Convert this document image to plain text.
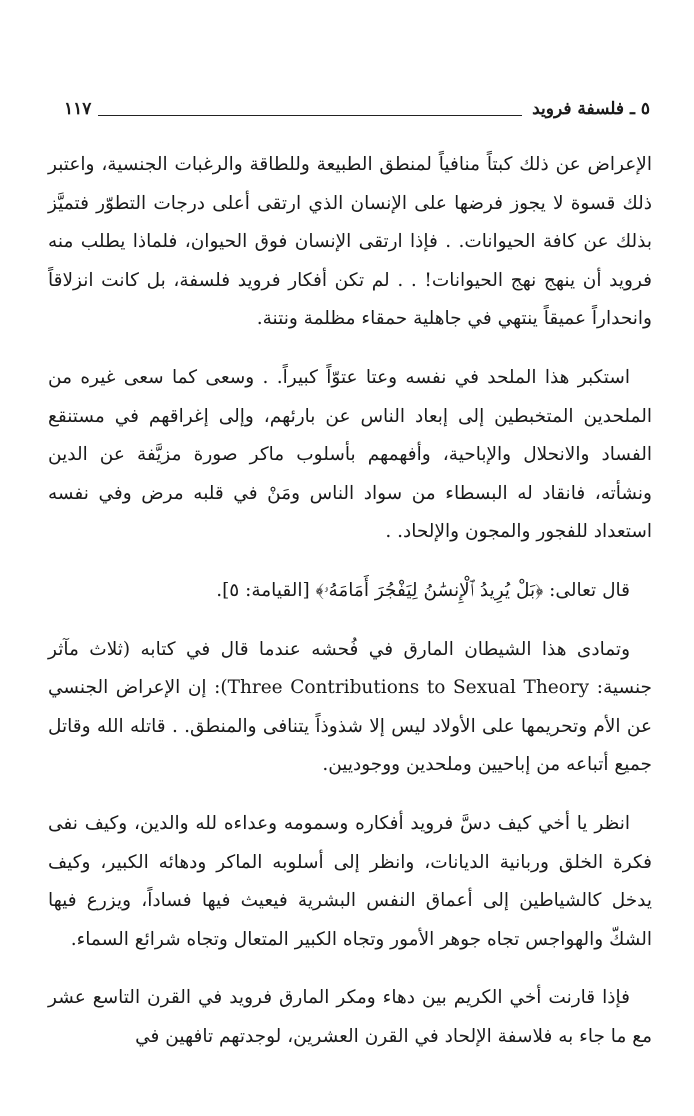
٥ ـ فلسفة فرويد
١١٧

الإعراض عن ذلك كبتاً منافياً لمنطق الطبيعة وللطاقة والرغبات الجنسية، واعتبر ذلك قسوة لا يجوز فرضها على الإنسان الذي ارتقى أعلى درجات التطوّر فتميَّز بذلك عن كافة الحيوانات. . فإذا ارتقى الإنسان فوق الحيوان، فلماذا يطلب منه فرويد أن ينهج نهج الحيوانات! . . لم تكن أفكار فرويد فلسفة، بل كانت انزلاقاً وانحداراً عميقاً ينتهي في جاهلية حمقاء مظلمة ونتنة.

استكبر هذا الملحد في نفسه وعتا عتوّاً كبيراً. . وسعى كما سعى غيره من الملحدين المتخبطين إلى إبعاد الناس عن بارئهم، وإلى إغراقهم في مستنقع الفساد والانحلال والإباحية، وأفهمهم بأسلوب ماكر صورة مزيَّفة عن الدين ونشأته، فانقاد له البسطاء من سواد الناس ومَنْ في قلبه مرض وفي نفسه استعداد للفجور والمجون والإلحاد. .

قال تعالى: ﴿بَلْ يُرِيدُ ٱلْإِنسَٰنُ لِيَفْجُرَ أَمَامَهُۥ﴾ [القيامة: ٥].

وتمادى هذا الشيطان المارق في فُحشه عندما قال في كتابه (ثلاث مآثر جنسية: Three Contributions to Sexual Theory): إن الإعراض الجنسي عن الأم وتحريمها على الأولاد ليس إلا شذوذاً يتنافى والمنطق. . قاتله الله وقاتل جميع أتباعه من إباحيين وملحدين ووجوديين.

انظر يا أخي كيف دسَّ فرويد أفكاره وسمومه وعداءه لله والدين، وكيف نفى فكرة الخلق وربانية الديانات، وانظر إلى أسلوبه الماكر ودهائه الكبير، وكيف يدخل كالشياطين إلى أعماق النفس البشرية فيعيث فيها فساداً، ويزرع فيها الشكّ والهواجس تجاه جوهر الأمور وتجاه الكبير المتعال وتجاه شرائع السماء.

فإذا قارنت أخي الكريم بين دهاء ومكر المارق فرويد في القرن التاسع عشر مع ما جاء به فلاسفة الإلحاد في القرن العشرين، لوجدتهم تافهين في
